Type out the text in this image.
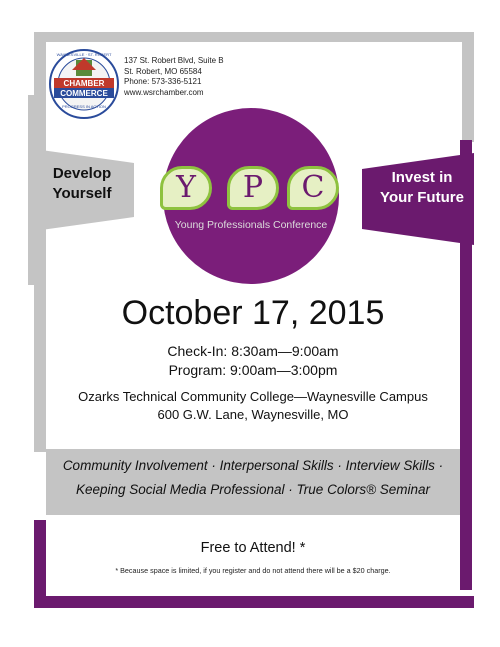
CHAMBER
COMMERCE
PROGRESS IN ACTION
WAYNESVILLE · ST. ROBERT
137 St. Robert Blvd, Suite B
St. Robert, MO 65584
Phone: 573-336-5121
www.wsrchamber.com
Develop
Yourself
Invest in
Your Future
Y	P	C
Young Professionals Conference
October 17, 2015
Check-In: 8:30am—9:00am
Program: 9:00am—3:00pm
Ozarks Technical Community College—Waynesville Campus
600 G.W. Lane, Waynesville, MO
Community Involvement · Interpersonal Skills · Interview Skills ·
Keeping Social Media Professional · True Colors® Seminar
Free to Attend! *
* Because space is limited, if you register and do not attend there will be a $20 charge.
